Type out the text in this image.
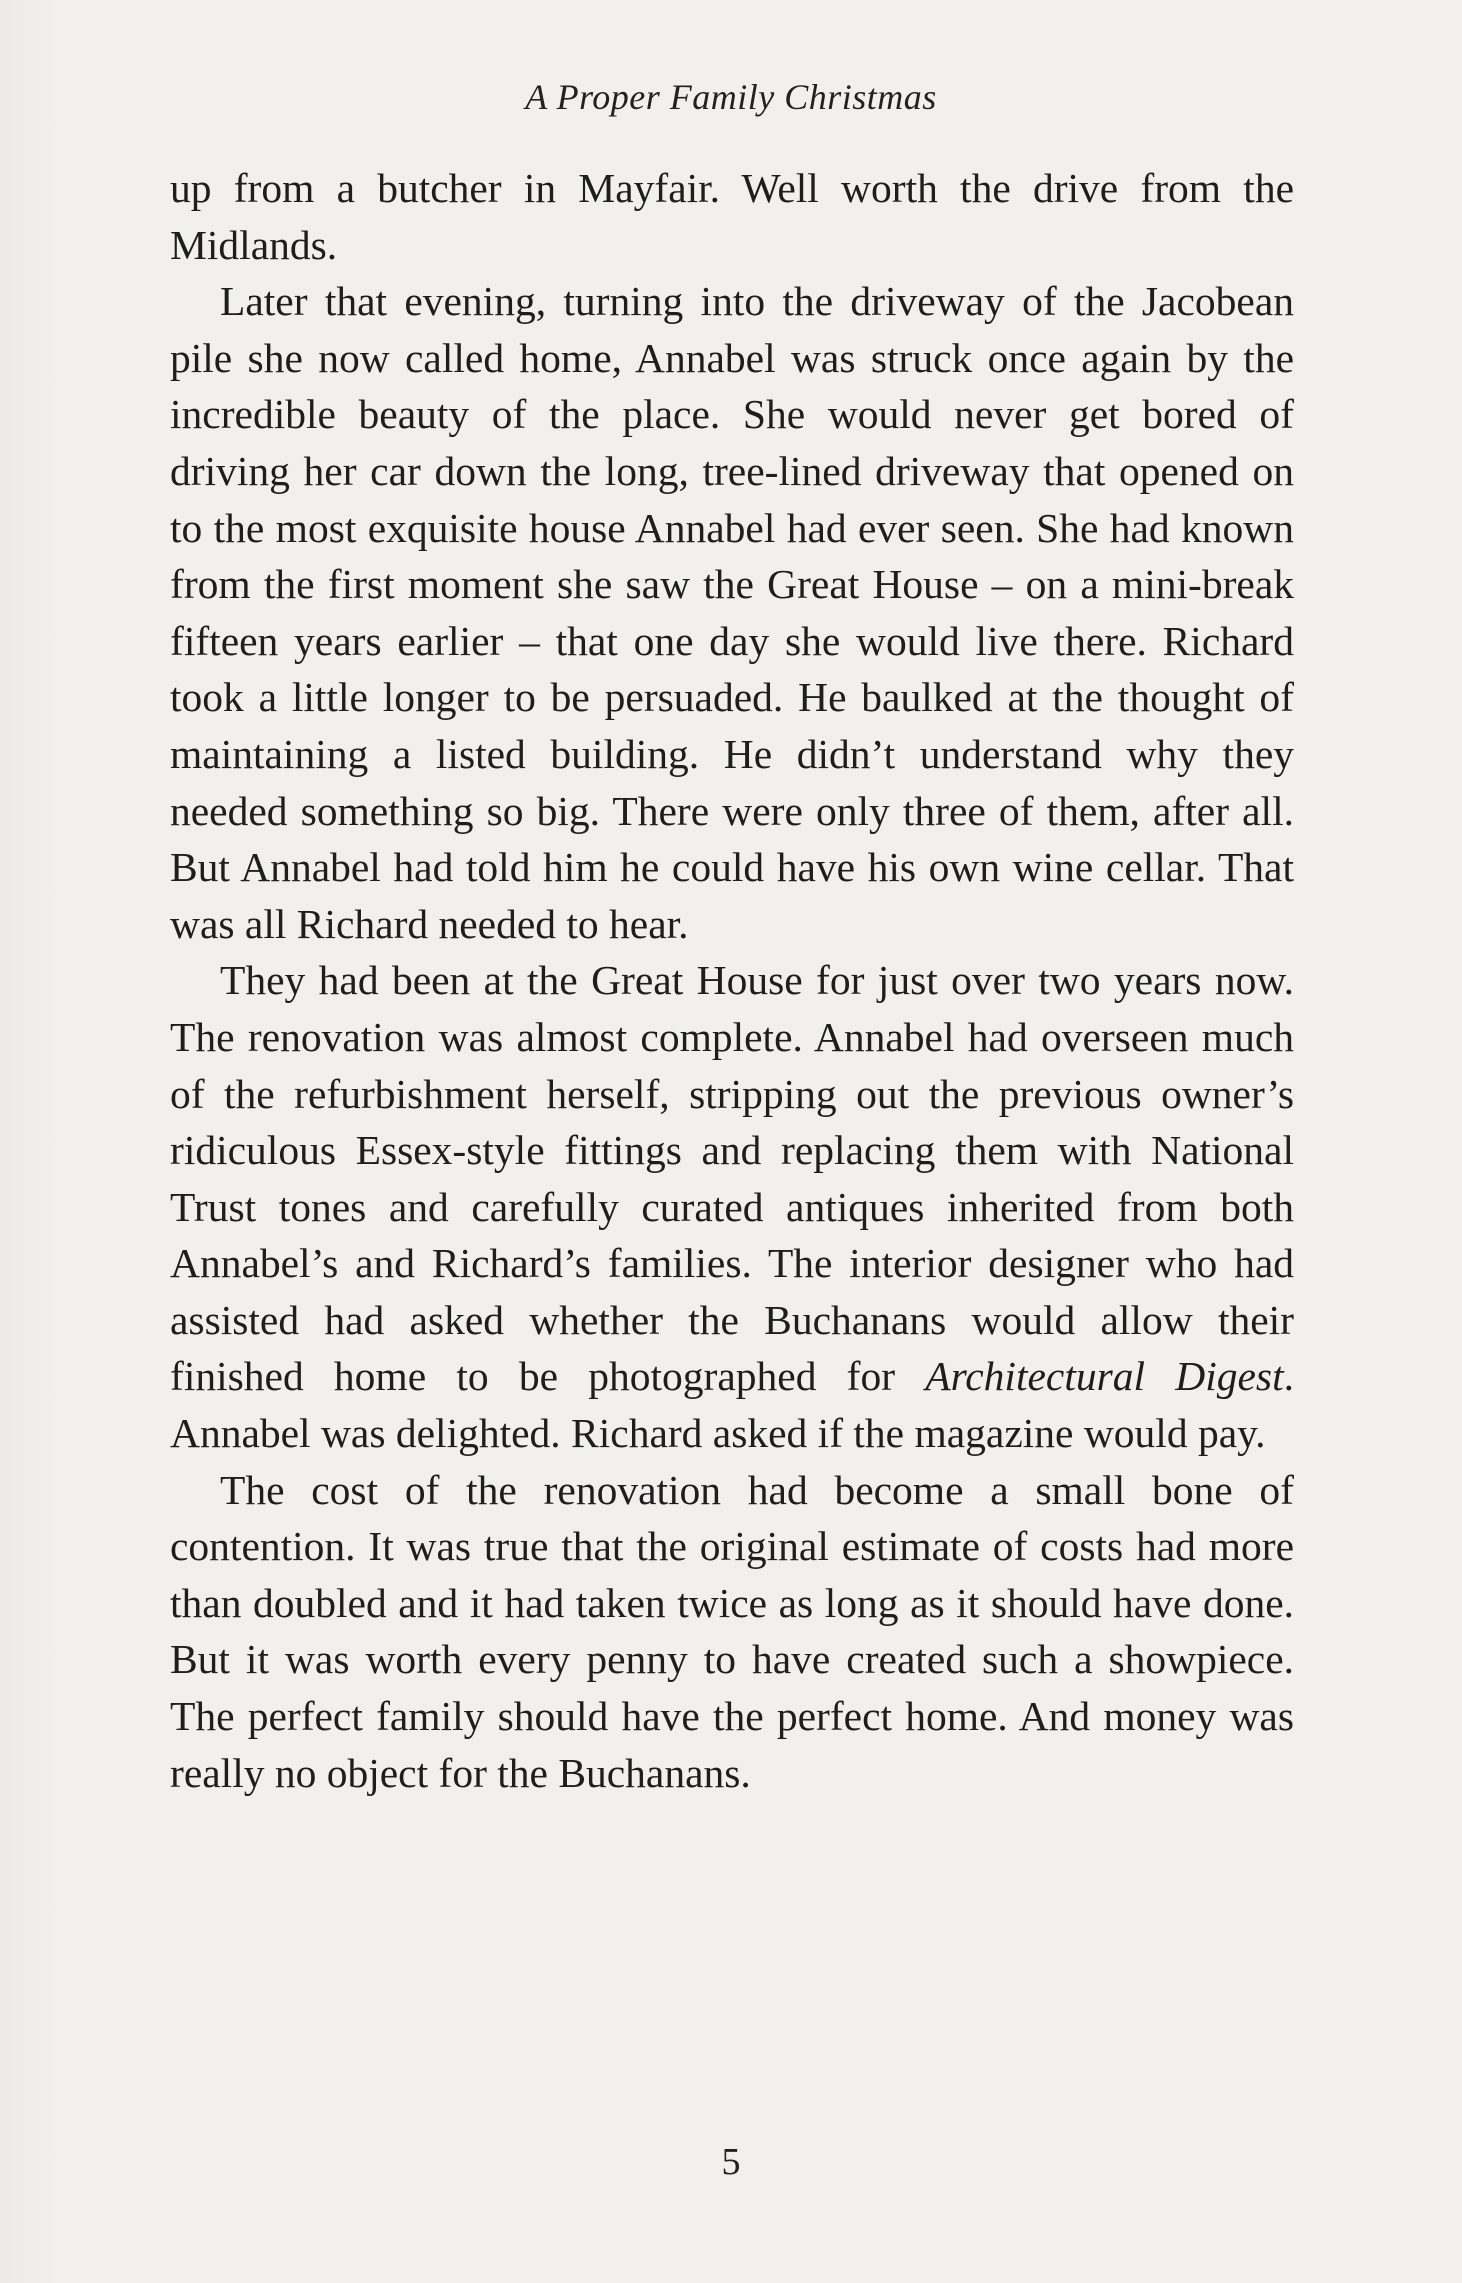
A Proper Family Christmas

up from a butcher in Mayfair. Well worth the drive from the Midlands.

Later that evening, turning into the driveway of the Jacobean pile she now called home, Annabel was struck once again by the incredible beauty of the place. She would never get bored of driving her car down the long, tree-lined driveway that opened on to the most exquisite house Annabel had ever seen. She had known from the first moment she saw the Great House – on a mini-break fifteen years earlier – that one day she would live there. Richard took a little longer to be persuaded. He baulked at the thought of maintaining a listed building. He didn’t understand why they needed something so big. There were only three of them, after all. But Annabel had told him he could have his own wine cellar. That was all Richard needed to hear.

They had been at the Great House for just over two years now. The renovation was almost complete. Annabel had overseen much of the refurbishment herself, stripping out the previous owner’s ridiculous Essex-style fittings and replacing them with National Trust tones and carefully curated antiques inherited from both Annabel’s and Richard’s families. The interior designer who had assisted had asked whether the Buchanans would allow their finished home to be photographed for Architectural Digest. Annabel was delighted. Richard asked if the magazine would pay.

The cost of the renovation had become a small bone of contention. It was true that the original estimate of costs had more than doubled and it had taken twice as long as it should have done. But it was worth every penny to have created such a showpiece. The perfect family should have the perfect home. And money was really no object for the Buchanans.

5
